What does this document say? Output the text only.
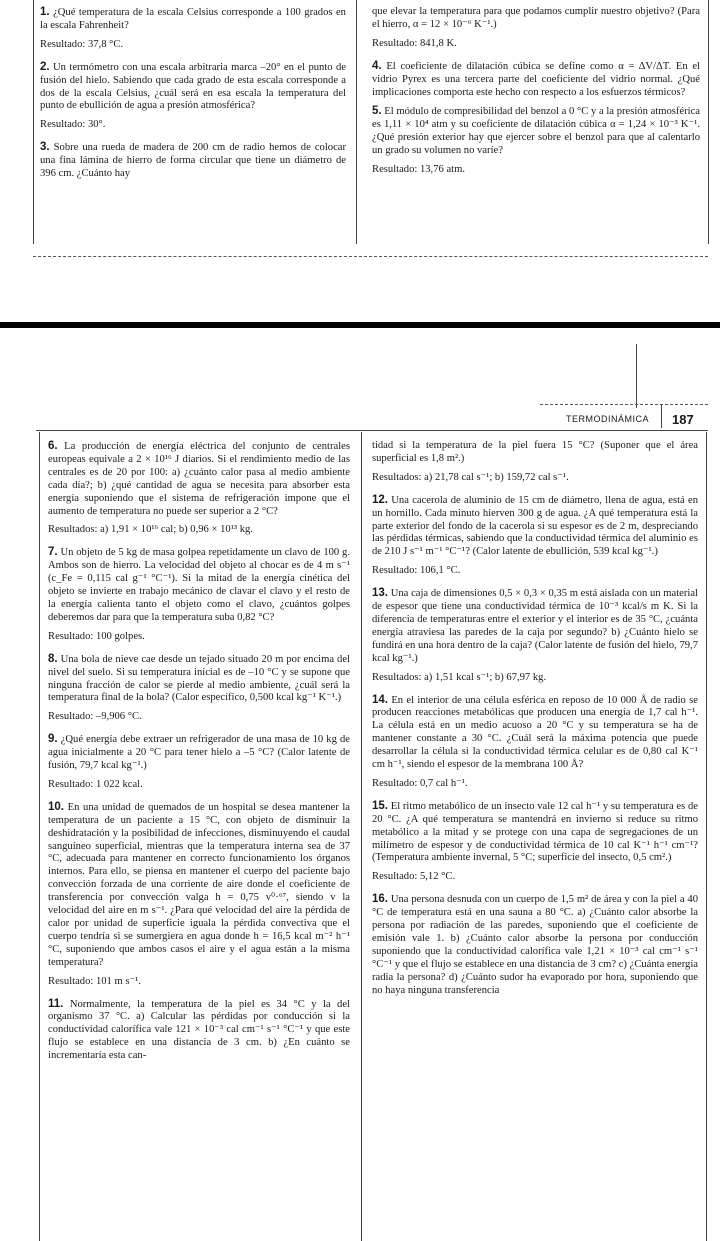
1. ¿Qué temperatura de la escala Celsius corresponde a 100 grados en la escala Fahrenheit?

Resultado: 37,8 °C.

2. Un termómetro con una escala arbitraria marca –20° en el punto de fusión del hielo. Sabiendo que cada grado de esta escala corresponde a dos de la escala Celsius, ¿cuál será en esa escala la temperatura del punto de ebullición de agua a presión atmosférica?

Resultado: 30°.

3. Sobre una rueda de madera de 200 cm de radio hemos de colocar una fina lámina de hierro de forma circular que tiene un diámetro de 396 cm. ¿Cuánto hay

que elevar la temperatura para que podamos cumplir nuestro objetivo? (Para el hierro, α = 12 × 10⁻⁶ K⁻¹.)

Resultado: 841,8 K.

4. El coeficiente de dilatación cúbica se define como α = ΔV/ΔT. En el vidrio Pyrex es una tercera parte del coeficiente del vidrio normal. ¿Qué implicaciones comporta este hecho con respecto a los esfuerzos térmicos?

5. El módulo de compresibilidad del benzol a 0 °C y a la presión atmosférica es 1,11 × 10⁴ atm y su coeficiente de dilatación cúbica α = 1,24 × 10⁻³ K⁻¹. ¿Qué presión exterior hay que ejercer sobre el benzol para que al calentarlo un grado su volumen no varíe?

Resultado: 13,76 atm.

TERMODINÁMICA 187

6. La producción de energía eléctrica del conjunto de centrales europeas equivale a 2 × 10¹⁶ J diarios. Si el rendimiento medio de las centrales es de 20 por 100: a) ¿cuánto calor pasa al medio ambiente cada día?; b) ¿qué cantidad de agua se necesita para absorber esta energía suponiendo que el sistema de refrigeración impone que el aumento de temperatura no puede ser superior a 2 °C?

Resultados: a) 1,91 × 10¹⁶ cal; b) 0,96 × 10¹³ kg.

7. Un objeto de 5 kg de masa golpea repetidamente un clavo de 100 g. Ambos son de hierro. La velocidad del objeto al chocar es de 4 m s⁻¹ (c_Fe = 0,115 cal g⁻¹ °C⁻¹). Si la mitad de la energía cinética del objeto se invierte en trabajo mecánico de clavar el clavo y el resto de la energía calienta tanto el objeto como el clavo, ¿cuántos golpes deberemos dar para que la temperatura suba 0,82 °C?

Resultado: 100 golpes.

8. Una bola de nieve cae desde un tejado situado 20 m por encima del nivel del suelo. Si su temperatura inicial es de –10 °C y se supone que ninguna fracción de calor se pierde al medio ambiente, ¿cuál será la temperatura final de la bola? (Calor específico, 0,500 kcal kg⁻¹ K⁻¹.)

Resultado: –9,906 °C.

9. ¿Qué energía debe extraer un refrigerador de una masa de 10 kg de agua inicialmente a 20 °C para tener hielo a –5 °C? (Calor latente de fusión, 79,7 kcal kg⁻¹.)

Resultado: 1 022 kcal.

10. En una unidad de quemados de un hospital se desea mantener la temperatura de un paciente a 15 °C, con objeto de disminuir la deshidratación y la posibilidad de infecciones, disminuyendo el caudal sanguíneo superficial, mientras que la temperatura interna sea de 37 °C, adecuada para mantener en correcto funcionamiento los órganos internos. Para ello, se piensa en mantener el cuerpo del paciente bajo convección forzada de una corriente de aire donde el coeficiente de transferencia por convección valga h = 0,75 v⁰·⁶⁷, siendo v la velocidad del aire en m s⁻¹. ¿Para qué velocidad del aire la pérdida de calor por unidad de superficie iguala la pérdida convectiva que el cuerpo tendría si se sumergiera en agua donde h = 16,5 kcal m⁻² h⁻¹ °C, suponiendo que ambos casos el aire y el agua están a la misma temperatura?

Resultado: 101 m s⁻¹.

11. Normalmente, la temperatura de la piel es 34 °C y la del organismo 37 °C. a) Calcular las pérdidas por conducción si la conductividad calorífica vale 121 × 10⁻³ cal cm⁻¹ s⁻¹ °C⁻¹ y que este flujo se establece en una distancia de 3 cm. b) ¿En cuánto se incrementaría esta can-

tidad si la temperatura de la piel fuera 15 °C? (Suponer que el área superficial es 1,8 m².)

Resultados: a) 21,78 cal s⁻¹; b) 159,72 cal s⁻¹.

12. Una cacerola de aluminio de 15 cm de diámetro, llena de agua, está en un hornillo. Cada minuto hierven 300 g de agua. ¿A qué temperatura está la parte exterior del fondo de la cacerola si su espesor es de 2 m, despreciando las pérdidas térmicas, sabiendo que la conductividad térmica del aluminio es de 210 J s⁻¹ m⁻¹ °C⁻¹? (Calor latente de ebullición, 539 kcal kg⁻¹.)

Resultado: 106,1 °C.

13. Una caja de dimensiones 0,5 × 0,3 × 0,35 m está aislada con un material de espesor que tiene una conductividad térmica de 10⁻³ kcal/s m K. Si la diferencia de temperaturas entre el exterior y el interior es de 35 °C, ¿cuánta energía atraviesa las paredes de la caja por segundo? b) ¿Cuánto hielo se fundirá en una hora dentro de la caja? (Calor latente de fusión del hielo, 79,7 kcal kg⁻¹.)

Resultados: a) 1,51 kcal s⁻¹; b) 67,97 kg.

14. En el interior de una célula esférica en reposo de 10 000 Å de radio se producen reacciones metabólicas que producen una energía de 1,7 cal h⁻¹. La célula está en un medio acuoso a 20 °C y su temperatura se ha de mantener constante a 30 °C. ¿Cuál será la máxima potencia que puede desarrollar la célula si la conductividad térmica celular es de 0,80 cal K⁻¹ cm h⁻¹, siendo el espesor de la membrana 100 Å?

Resultado: 0,7 cal h⁻¹.

15. El ritmo metabólico de un insecto vale 12 cal h⁻¹ y su temperatura es de 20 °C. ¿A qué temperatura se mantendrá en invierno si reduce su ritmo metabólico a la mitad y se protege con una capa de segregaciones de un milímetro de espesor y de conductividad térmica de 10 cal K⁻¹ h⁻¹ cm⁻¹? (Temperatura ambiente invernal, 5 °C; superficie del insecto, 0,5 cm².)

Resultado: 5,12 °C.

16. Una persona desnuda con un cuerpo de 1,5 m² de área y con la piel a 40 °C de temperatura está en una sauna a 80 °C. a) ¿Cuánto calor absorbe la persona por radiación de las paredes, suponiendo que el coeficiente de emisión vale 1. b) ¿Cuánto calor absorbe la persona por conducción suponiendo que la conductividad calorífica vale 1,21 × 10⁻³ cal cm⁻¹ s⁻¹ °C⁻¹ y que el flujo se establece en una distancia de 3 cm? c) ¿Cuánta energía radia la persona? d) ¿Cuánto sudor ha evaporado por hora, suponiendo que no haya ninguna transferencia
